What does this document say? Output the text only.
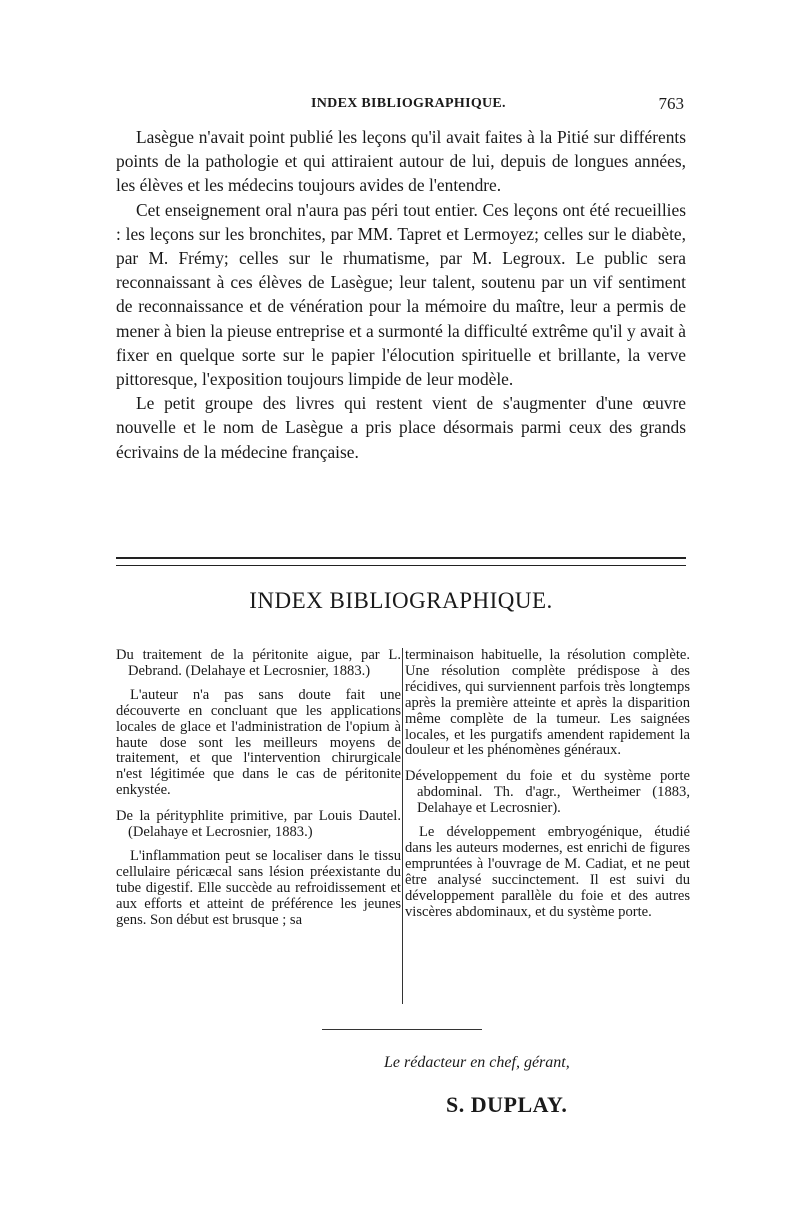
INDEX BIBLIOGRAPHIQUE.	763

Lasègue n'avait point publié les leçons qu'il avait faites à la Pitié sur différents points de la pathologie et qui attiraient autour de lui, depuis de longues années, les élèves et les médecins toujours avides de l'entendre.

Cet enseignement oral n'aura pas péri tout entier. Ces leçons ont été recueillies : les leçons sur les bronchites, par MM. Tapret et Lermoyez; celles sur le diabète, par M. Frémy; celles sur le rhumatisme, par M. Legroux. Le public sera reconnaissant à ces élèves de Lasègue; leur talent, soutenu par un vif sentiment de reconnaissance et de vénération pour la mémoire du maître, leur a permis de mener à bien la pieuse entreprise et a surmonté la difficulté extrême qu'il y avait à fixer en quelque sorte sur le papier l'élocution spirituelle et brillante, la verve pittoresque, l'exposition toujours limpide de leur modèle.

Le petit groupe des livres qui restent vient de s'augmenter d'une œuvre nouvelle et le nom de Lasègue a pris place désormais parmi ceux des grands écrivains de la médecine française.

INDEX BIBLIOGRAPHIQUE.

Du traitement de la péritonite aigue, par L. Debrand. (Delahaye et Lecrosnier, 1883.)

L'auteur n'a pas sans doute fait une découverte en concluant que les applications locales de glace et l'administration de l'opium à haute dose sont les meilleurs moyens de traitement, et que l'intervention chirurgicale n'est légitimée que dans le cas de péritonite enkystée.

De la pérityphlite primitive, par Louis Dautel. (Delahaye et Lecrosnier, 1883.)

L'inflammation peut se localiser dans le tissu cellulaire péricæcal sans lésion préexistante du tube digestif. Elle succède au refroidissement et aux efforts et atteint de préférence les jeunes gens. Son début est brusque ; sa

terminaison habituelle, la résolution complète. Une résolution complète prédispose à des récidives, qui surviennent parfois très longtemps après la première atteinte et après la disparition même complète de la tumeur. Les saignées locales, et les purgatifs amendent rapidement la douleur et les phénomènes généraux.

Développement du foie et du système porte abdominal. Th. d'agr., Wertheimer (1883, Delahaye et Lecrosnier).

Le développement embryogénique, étudié dans les auteurs modernes, est enrichi de figures empruntées à l'ouvrage de M. Cadiat, et ne peut être analysé succinctement. Il est suivi du développement parallèle du foie et des autres viscères abdominaux, et du système porte.

Le rédacteur en chef, gérant,
S. DUPLAY.
